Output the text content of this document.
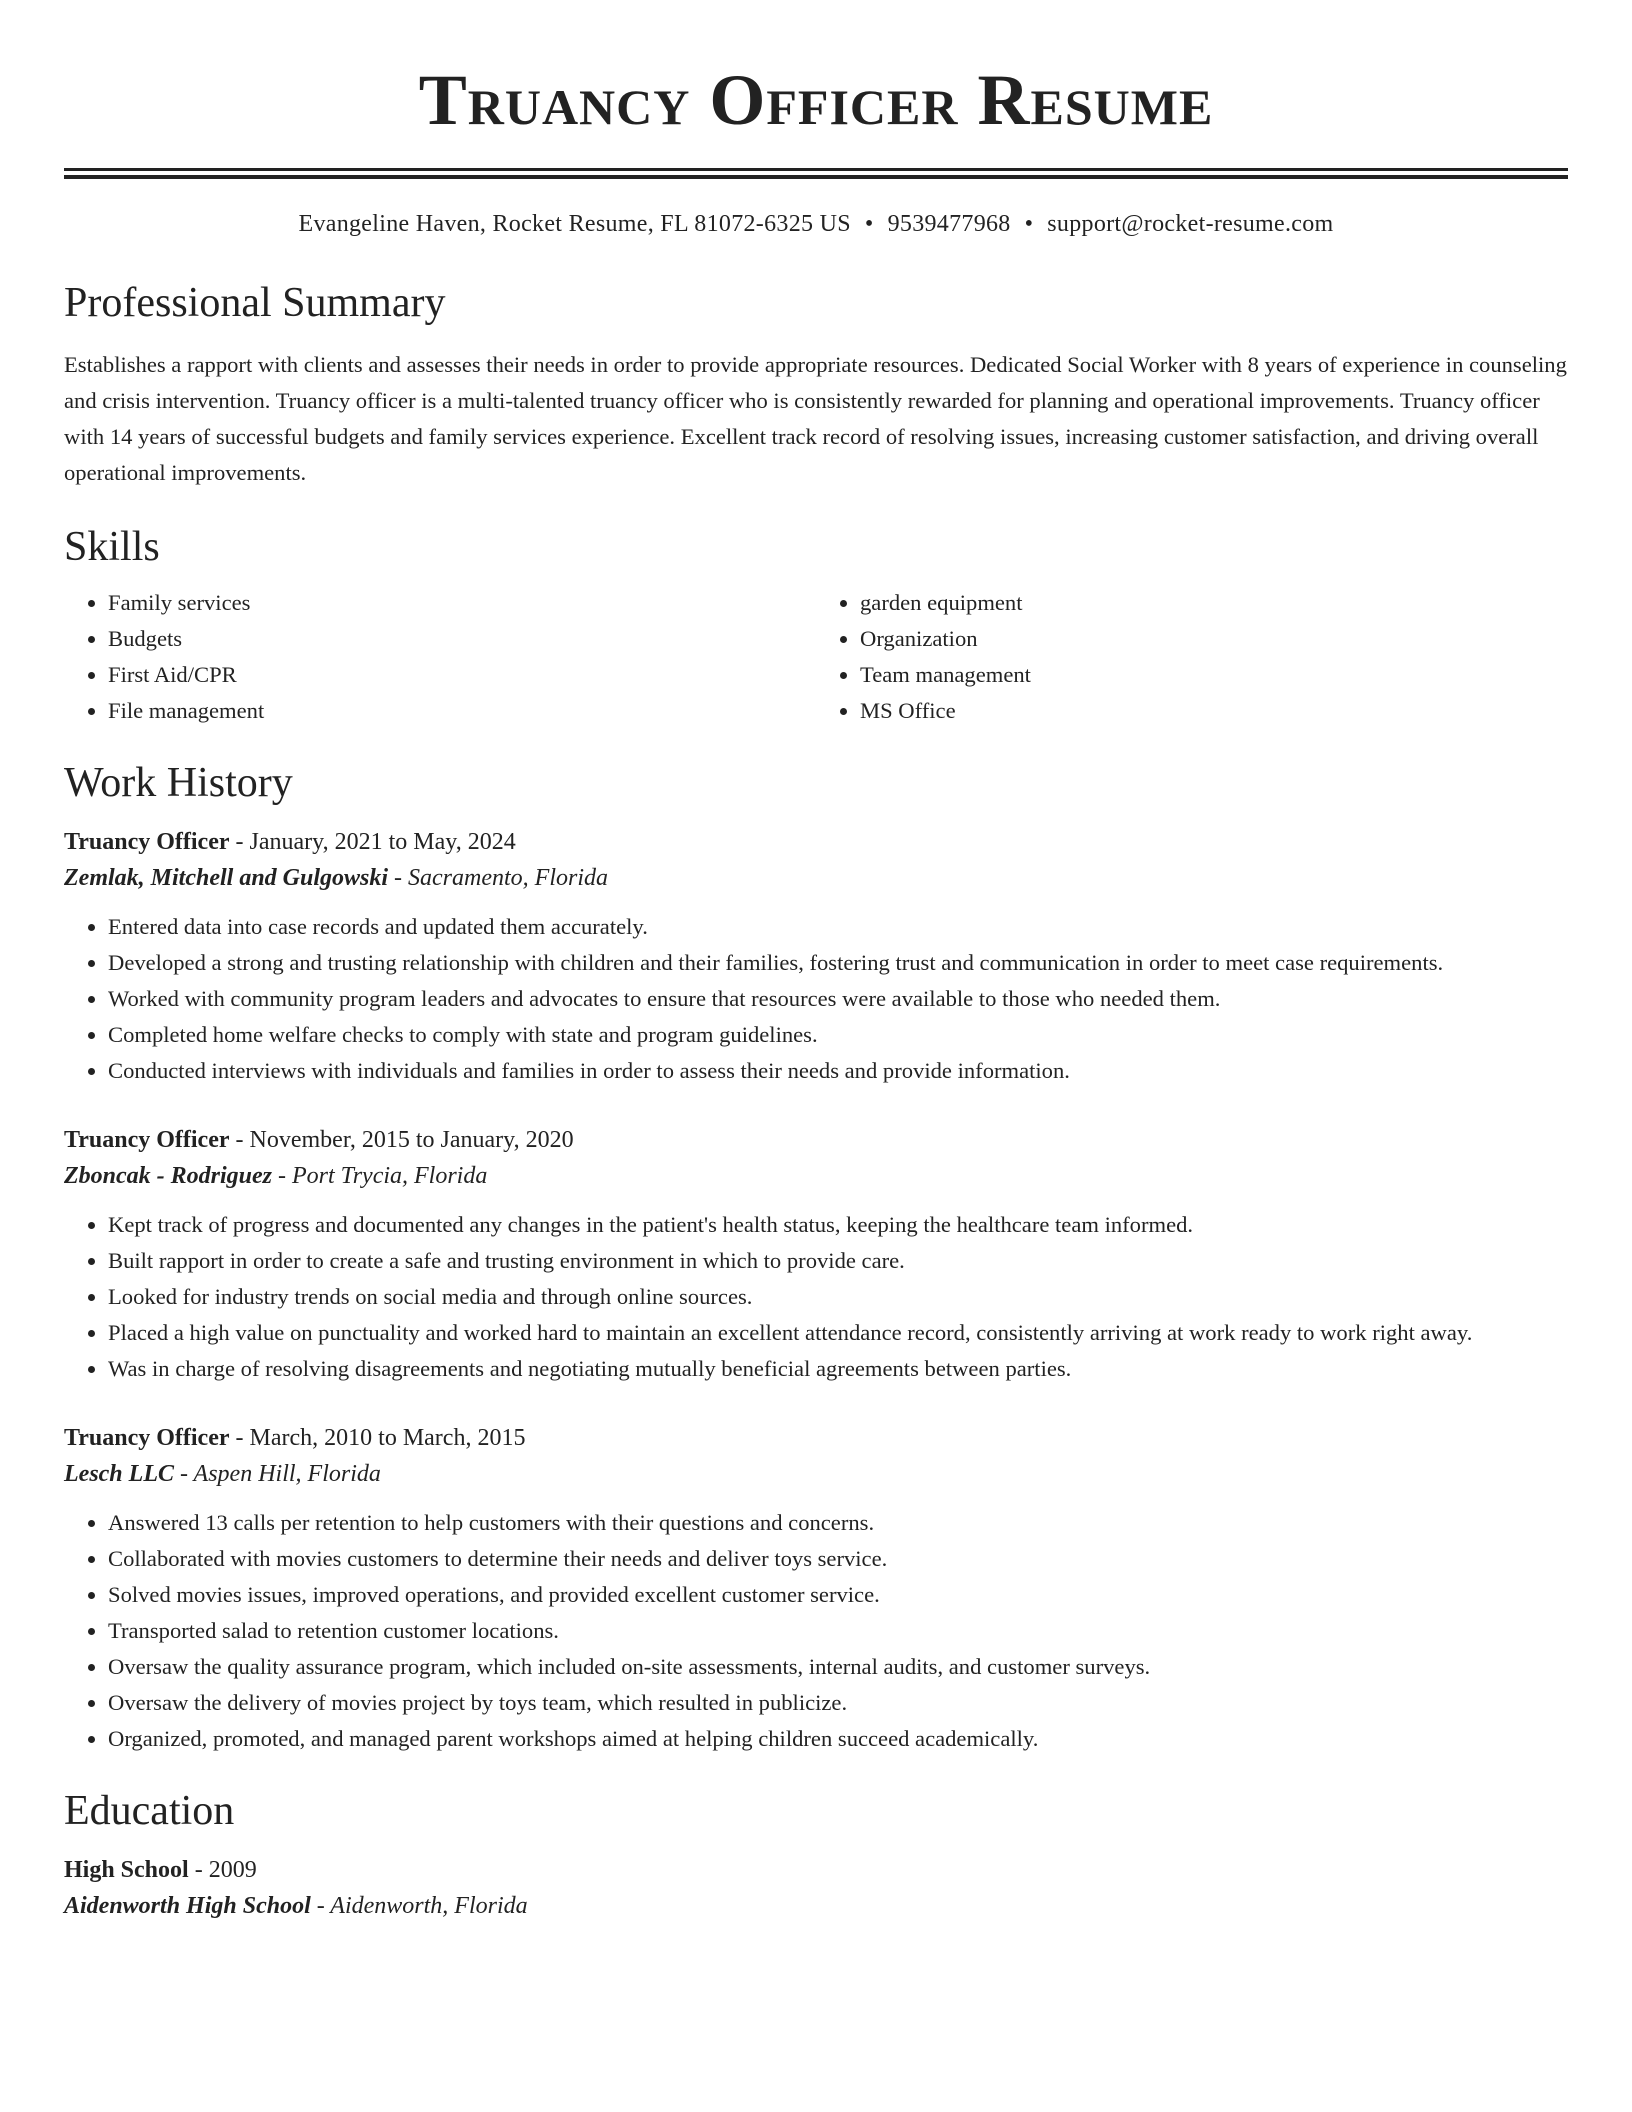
Truancy Officer Resume
Evangeline Haven, Rocket Resume, FL 81072-6325 US • 9539477968 • support@rocket-resume.com
Professional Summary

Establishes a rapport with clients and assesses their needs in order to provide appropriate resources. Dedicated Social Worker with 8 years of experience in counseling and crisis intervention. Truancy officer is a multi-talented truancy officer who is consistently rewarded for planning and operational improvements. Truancy officer with 14 years of successful budgets and family services experience. Excellent track record of resolving issues, increasing customer satisfaction, and driving overall operational improvements.

Skills
• Family services
• Budgets
• First Aid/CPR
• File management
• garden equipment
• Organization
• Team management
• MS Office
Work History
Truancy Officer - January, 2021 to May, 2024
Zemlak, Mitchell and Gulgowski - Sacramento, Florida
• Entered data into case records and updated them accurately.
• Developed a strong and trusting relationship with children and their families, fostering trust and communication in order to meet case requirements.
• Worked with community program leaders and advocates to ensure that resources were available to those who needed them.
• Completed home welfare checks to comply with state and program guidelines.
• Conducted interviews with individuals and families in order to assess their needs and provide information.
Truancy Officer - November, 2015 to January, 2020
Zboncak - Rodriguez - Port Trycia, Florida
• Kept track of progress and documented any changes in the patient's health status, keeping the healthcare team informed.
• Built rapport in order to create a safe and trusting environment in which to provide care.
• Looked for industry trends on social media and through online sources.
• Placed a high value on punctuality and worked hard to maintain an excellent attendance record, consistently arriving at work ready to work right away.
• Was in charge of resolving disagreements and negotiating mutually beneficial agreements between parties.
Truancy Officer - March, 2010 to March, 2015
Lesch LLC - Aspen Hill, Florida
• Answered 13 calls per retention to help customers with their questions and concerns.
• Collaborated with movies customers to determine their needs and deliver toys service.
• Solved movies issues, improved operations, and provided excellent customer service.
• Transported salad to retention customer locations.
• Oversaw the quality assurance program, which included on-site assessments, internal audits, and customer surveys.
• Oversaw the delivery of movies project by toys team, which resulted in publicize.
• Organized, promoted, and managed parent workshops aimed at helping children succeed academically.
Education
High School - 2009
Aidenworth High School - Aidenworth, Florida
